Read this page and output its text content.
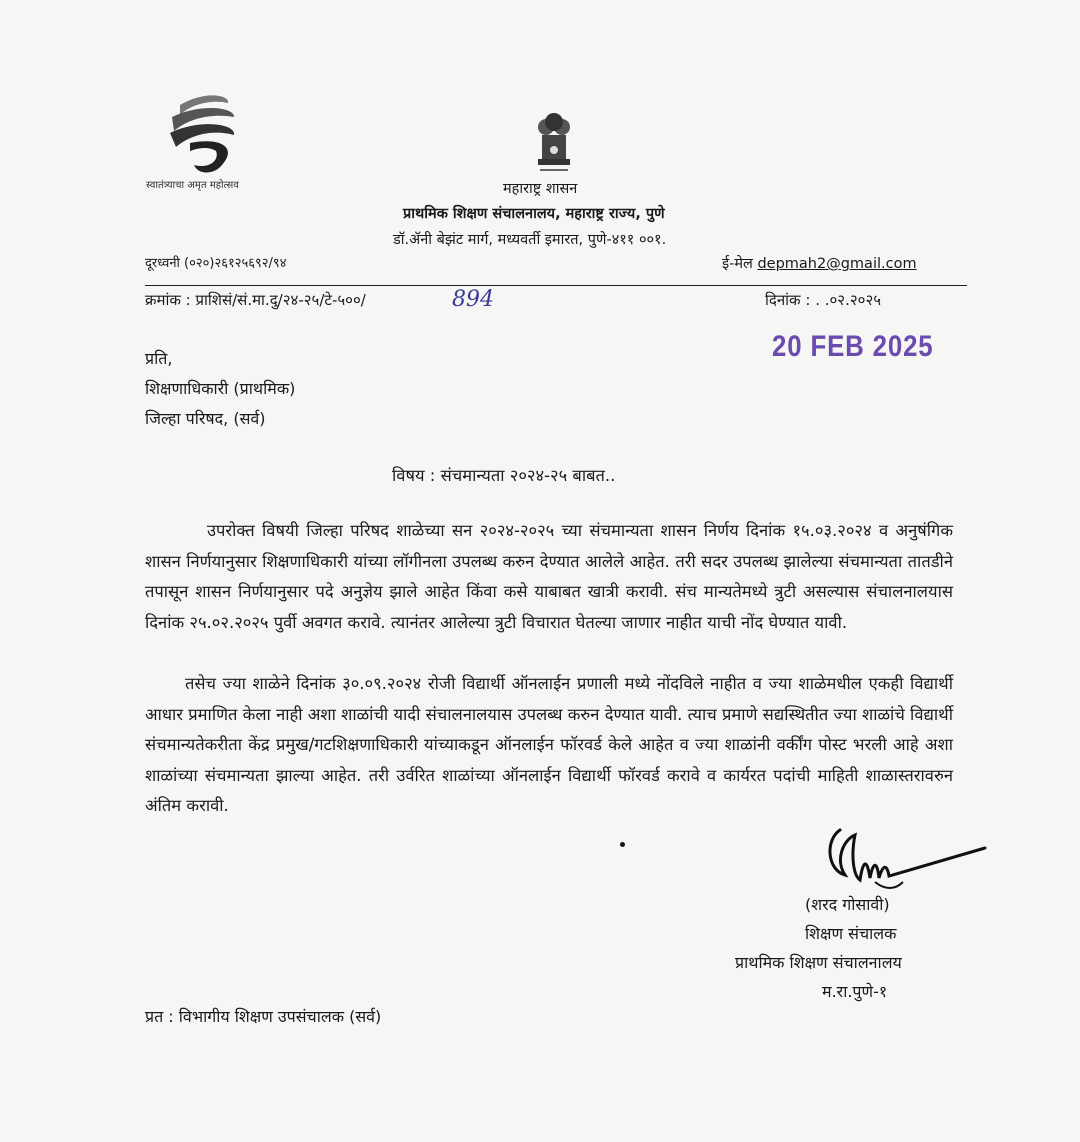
स्वातंत्र्याचा अमृत महोत्सव	महाराष्ट्र शासन
प्राथमिक शिक्षण संचालनालय, महाराष्ट्र राज्य, पुणे
डॉ.ॲनी बेझंट मार्ग, मध्यवर्ती इमारत, पुणे-४११ ००१.
दूरध्वनी (०२०)२६१२५६९२/९४	ई-मेल depmah2@gmail.com
क्रमांक : प्राशिसं/सं.मा.दु/२४-२५/टे-५००/	894	दिनांक : . .०२.२०२५
20 FEB 2025
प्रति,
शिक्षणाधिकारी (प्राथमिक)
जिल्हा परिषद, (सर्व)
विषय : संचमान्यता २०२४-२५ बाबत..
उपरोक्त विषयी जिल्हा परिषद शाळेच्या सन २०२४-२०२५ च्या संचमान्यता शासन निर्णय दिनांक १५.०३.२०२४ व अनुषंगिक शासन निर्णयानुसार शिक्षणाधिकारी यांच्या लॉगीनला उपलब्ध करुन देण्यात आलेले आहेत. तरी सदर उपलब्ध झालेल्या संचमान्यता तातडीने तपासून शासन निर्णयानुसार पदे अनुज्ञेय झाले आहेत किंवा कसे याबाबत खात्री करावी. संच मान्यतेमध्ये त्रुटी असल्यास संचालनालयास दिनांक २५.०२.२०२५ पुर्वी अवगत करावे. त्यानंतर आलेल्या त्रुटी विचारात घेतल्या जाणार नाहीत याची नोंद घेण्यात यावी.
तसेच ज्या शाळेने दिनांक ३०.०९.२०२४ रोजी विद्यार्थी ऑनलाईन प्रणाली मध्ये नोंदविले नाहीत व ज्या शाळेमधील एकही विद्यार्थी आधार प्रमाणित केला नाही अशा शाळांची यादी संचालनालयास उपलब्ध करुन देण्यात यावी. त्याच प्रमाणे सद्यस्थितीत ज्या शाळांचे विद्यार्थी संचमान्यतेकरीता केंद्र प्रमुख/गटशिक्षणाधिकारी यांच्याकडून ऑनलाईन फॉरवर्ड केले आहेत व ज्या शाळांनी वर्कींग पोस्ट भरली आहे अशा शाळांच्या संचमान्यता झाल्या आहेत. तरी उर्वरित शाळांच्या ऑनलाईन विद्यार्थी फॉरवर्ड करावे व कार्यरत पदांची माहिती शाळास्तरावरुन अंतिम करावी.
(शरद गोसावी)
शिक्षण संचालक
प्राथमिक शिक्षण संचालनालय
म.रा.पुणे-१
प्रत : विभागीय शिक्षण उपसंचालक (सर्व)
